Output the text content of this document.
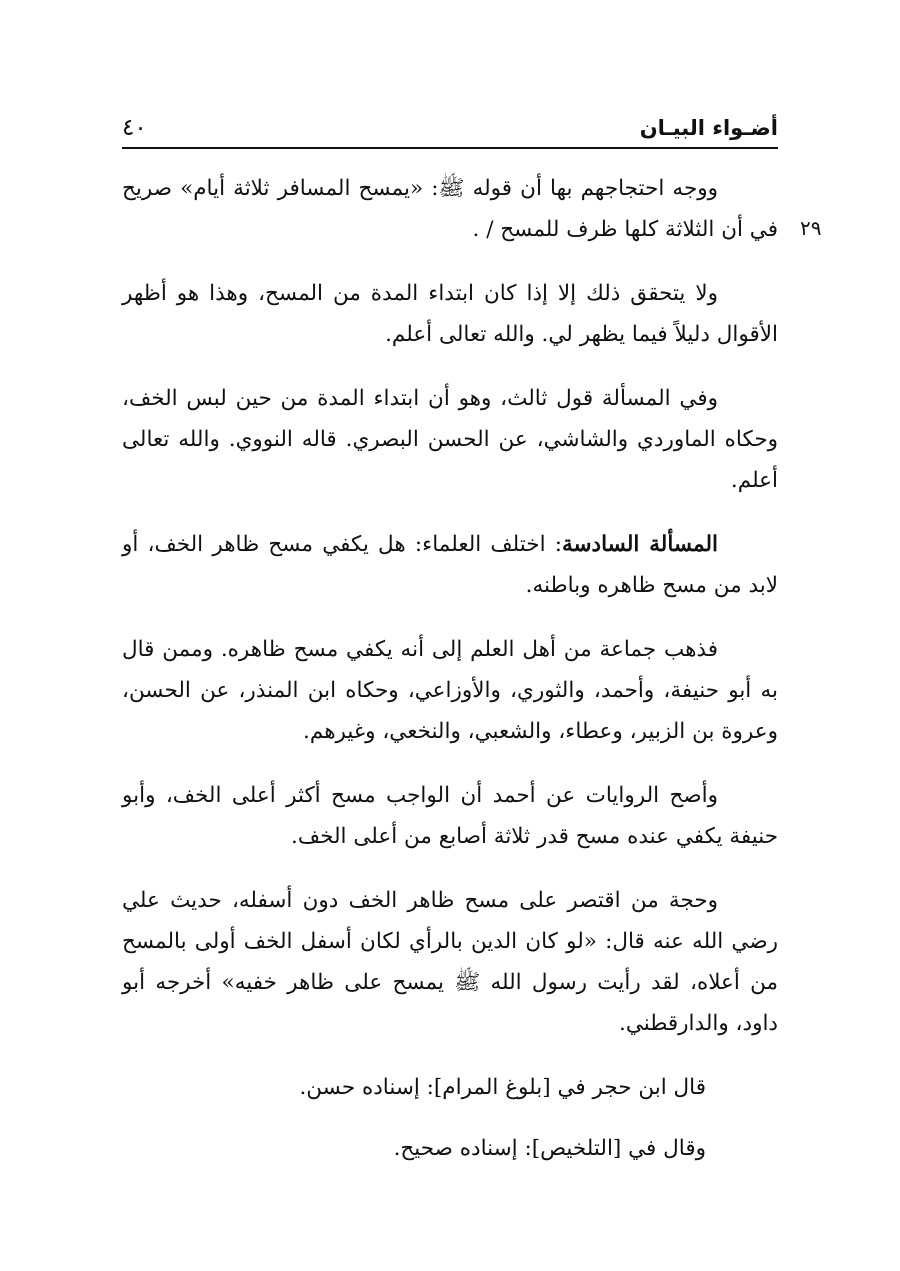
أضـواء البيـان
٤٠
٢٩

ووجه احتجاجهم بها أن قوله ﷺ: «يمسح المسافر ثلاثة أيام» صريح في أن الثلاثة كلها ظرف للمسح / .

ولا يتحقق ذلك إلا إذا كان ابتداء المدة من المسح، وهذا هو أظهر الأقوال دليلاً فيما يظهر لي. والله تعالى أعلم.

وفي المسألة قول ثالث، وهو أن ابتداء المدة من حين لبس الخف، وحكاه الماوردي والشاشي، عن الحسن البصري. قاله النووي. والله تعالى أعلم.

المسألة السادسة: اختلف العلماء: هل يكفي مسح ظاهر الخف، أو لابد من مسح ظاهره وباطنه.

فذهب جماعة من أهل العلم إلى أنه يكفي مسح ظاهره. وممن قال به أبو حنيفة، وأحمد، والثوري، والأوزاعي، وحكاه ابن المنذر، عن الحسن، وعروة بن الزبير، وعطاء، والشعبي، والنخعي، وغيرهم.

وأصح الروايات عن أحمد أن الواجب مسح أكثر أعلى الخف، وأبو حنيفة يكفي عنده مسح قدر ثلاثة أصابع من أعلى الخف.

وحجة من اقتصر على مسح ظاهر الخف دون أسفله، حديث علي رضي الله عنه قال: «لو كان الدين بالرأي لكان أسفل الخف أولى بالمسح من أعلاه، لقد رأيت رسول الله ﷺ يمسح على ظاهر خفيه» أخرجه أبو داود، والدارقطني.

قال ابن حجر في [بلوغ المرام]: إسناده حسن.

وقال في [التلخيص]: إسناده صحيح.
